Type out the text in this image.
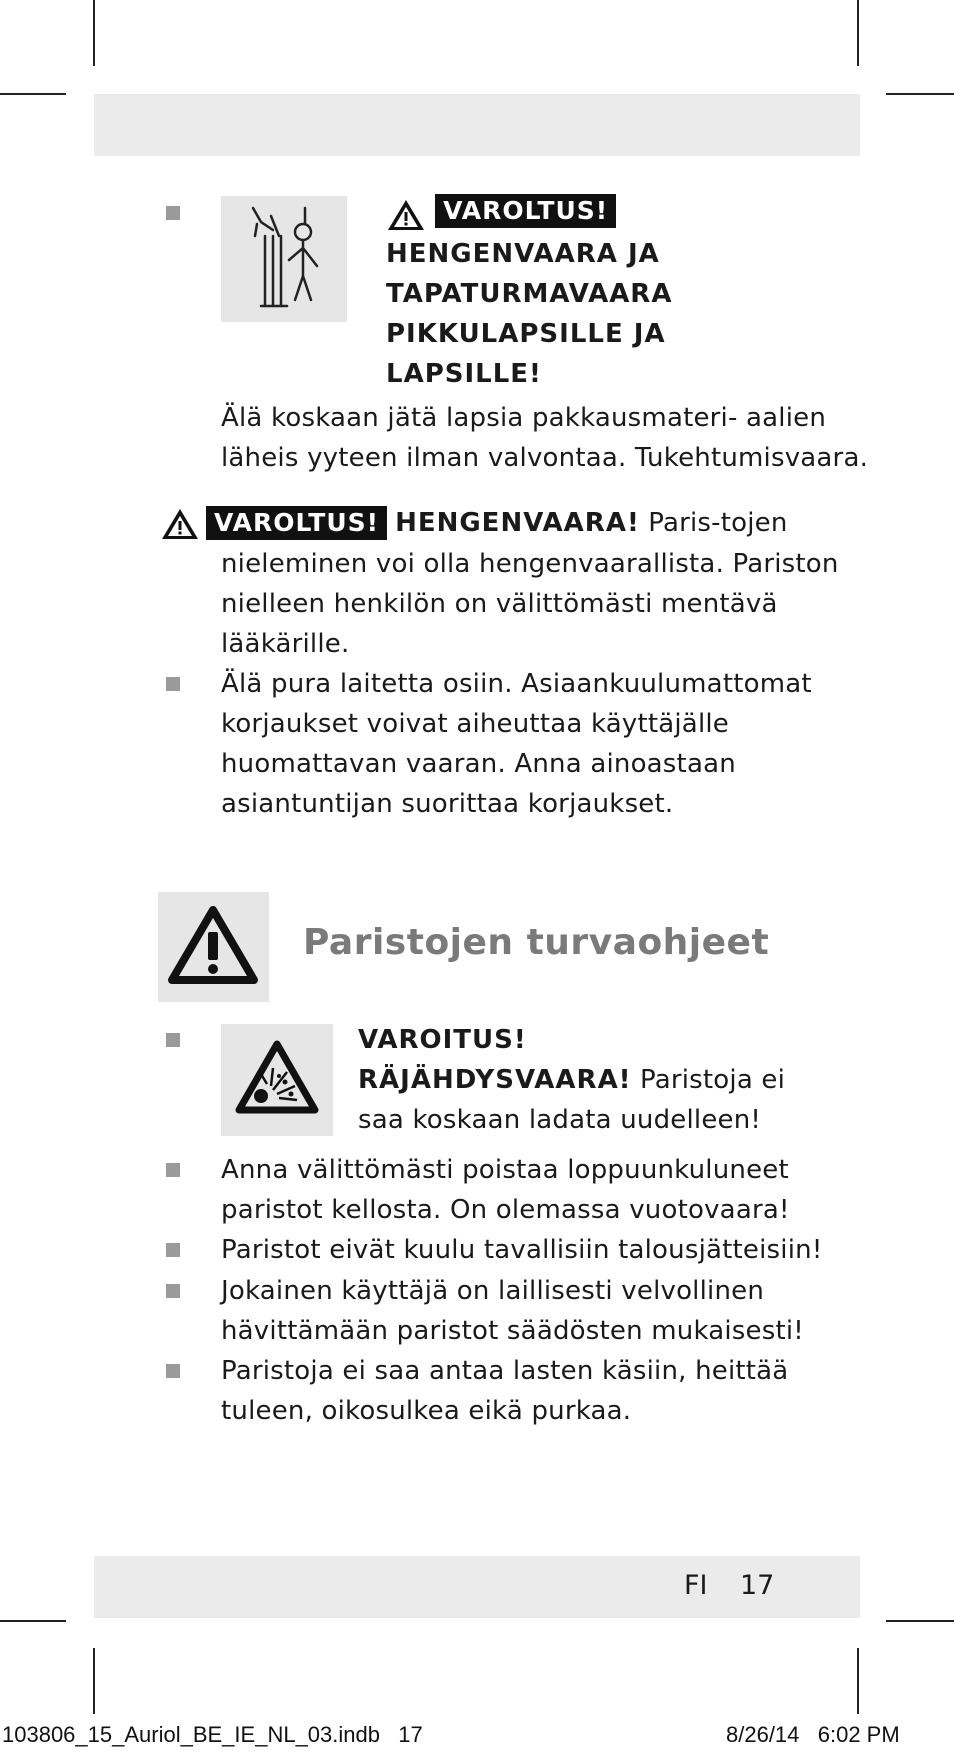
VAROLTUS!
HENGENVAARA JA
TAPATURMAVAARA
PIKKULAPSILLE JA
LAPSILLE!
Älä koskaan jätä lapsia pakkausmateri- aalien
läheis yyteen ilman valvontaa. Tukehtumisvaara.
VAROLTUS! HENGENVAARA! Paris-tojen
nieleminen voi olla hengenvaarallista. Pariston
nielleen henkilön on välittömästi mentävä
lääkärille.
Älä pura laitetta osiin. Asiaankuulumattomat
korjaukset voivat aiheuttaa käyttäjälle
huomattavan vaaran. Anna ainoastaan
asiantuntijan suorittaa korjaukset.
Paristojen turvaohjeet
VAROITUS!
RÄJÄHDYSVAARA! Paristoja ei
saa koskaan ladata uudelleen!
Anna välittömästi poistaa loppuunkuluneet
paristot kellosta. On olemassa vuotovaara!
Paristot eivät kuulu tavallisiin talousjätteisiin!
Jokainen käyttäjä on laillisesti velvollinen
hävittämään paristot säädösten mukaisesti!
Paristoja ei saa antaa lasten käsiin, heittää
tuleen, oikosulkea eikä purkaa.
FI 17
103806_15_Auriol_BE_IE_NL_03.indb   17	8/26/14   6:02 PM
